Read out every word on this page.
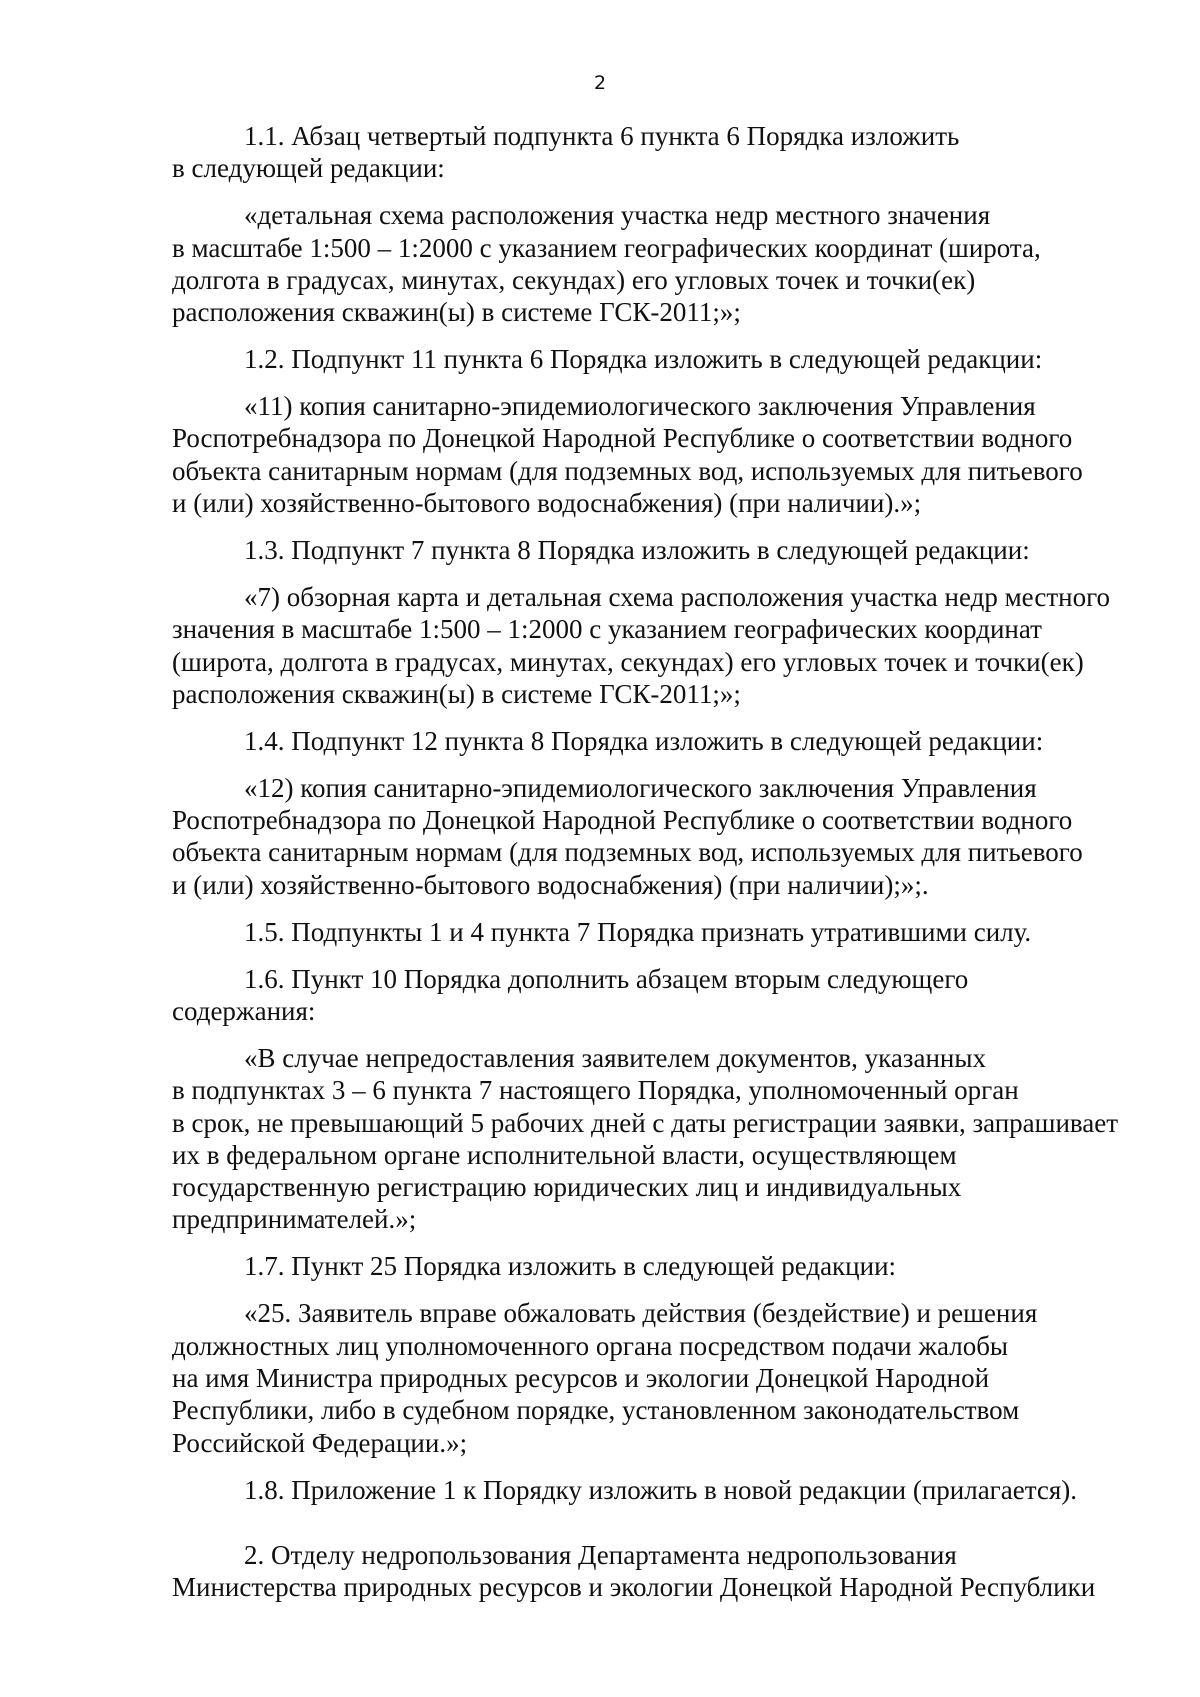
2

1.1. Абзац четвертый подпункта 6 пункта 6 Порядка изложить
в следующей редакции:

«детальная схема расположения участка недр местного значения
в масштабе 1:500 – 1:2000 с указанием географических координат (широта,
долгота в градусах, минутах, секундах) его угловых точек и точки(ек)
расположения скважин(ы) в системе ГСК-2011;»;

1.2. Подпункт 11 пункта 6 Порядка изложить в следующей редакции:

«11) копия санитарно-эпидемиологического заключения Управления
Роспотребнадзора по Донецкой Народной Республике о соответствии водного
объекта санитарным нормам (для подземных вод, используемых для питьевого
и (или) хозяйственно-бытового водоснабжения) (при наличии).»;

1.3. Подпункт 7 пункта 8 Порядка изложить в следующей редакции:

«7) обзорная карта и детальная схема расположения участка недр местного
значения в масштабе 1:500 – 1:2000 с указанием географических координат
(широта, долгота в градусах, минутах, секундах) его угловых точек и точки(ек)
расположения скважин(ы) в системе ГСК-2011;»;

1.4. Подпункт 12 пункта 8 Порядка изложить в следующей редакции:

«12) копия санитарно-эпидемиологического заключения Управления
Роспотребнадзора по Донецкой Народной Республике о соответствии водного
объекта санитарным нормам (для подземных вод, используемых для питьевого
и (или) хозяйственно-бытового водоснабжения) (при наличии);»;.

1.5. Подпункты 1 и 4 пункта 7 Порядка признать утратившими силу.

1.6. Пункт 10 Порядка дополнить абзацем вторым следующего
содержания:

«В случае непредоставления заявителем документов, указанных
в подпунктах 3 – 6 пункта 7 настоящего Порядка, уполномоченный орган
в срок, не превышающий 5 рабочих дней с даты регистрации заявки, запрашивает
их в федеральном органе исполнительной власти, осуществляющем
государственную регистрацию юридических лиц и индивидуальных
предпринимателей.»;

1.7. Пункт 25 Порядка изложить в следующей редакции:

«25. Заявитель вправе обжаловать действия (бездействие) и решения
должностных лиц уполномоченного органа посредством подачи жалобы
на имя Министра природных ресурсов и экологии Донецкой Народной
Республики, либо в судебном порядке, установленном законодательством
Российской Федерации.»;

1.8. Приложение 1 к Порядку изложить в новой редакции (прилагается).

2. Отделу недропользования Департамента недропользования
Министерства природных ресурсов и экологии Донецкой Народной Республики
